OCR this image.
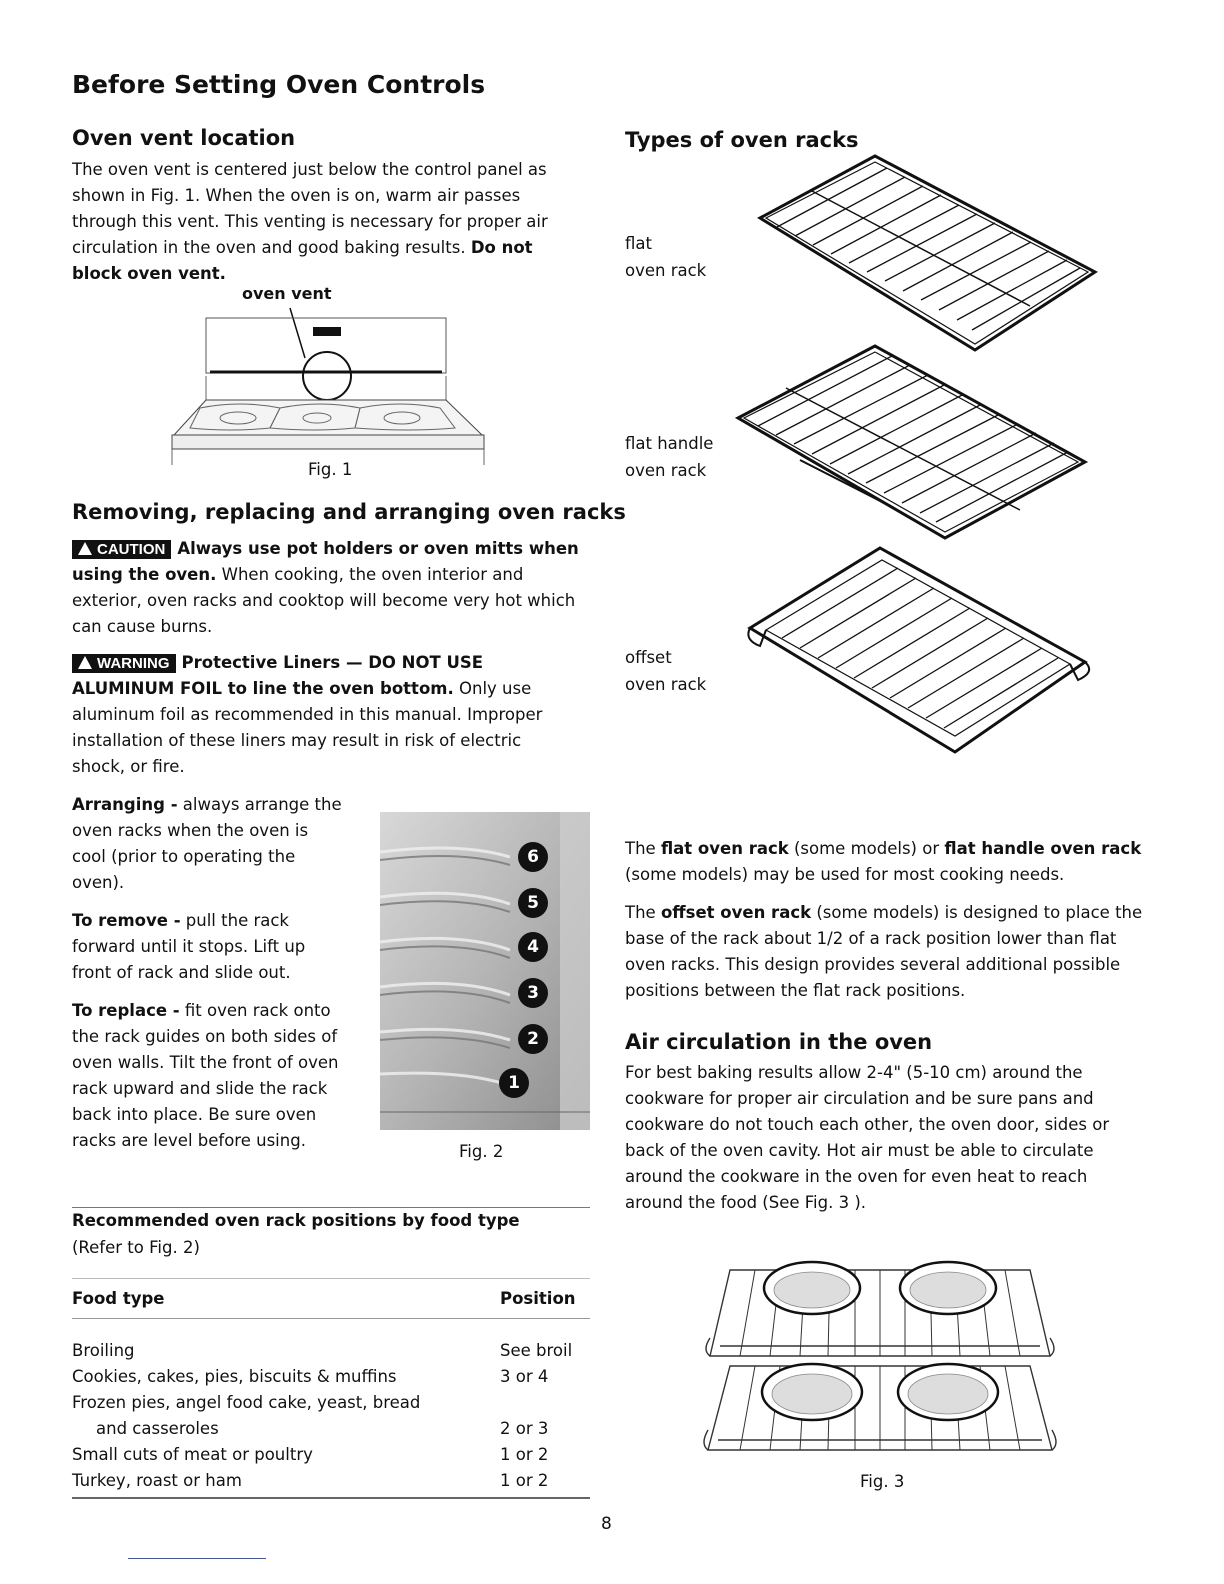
Before Setting Oven Controls
Oven vent location

The oven vent is centered just below the control panel as shown in Fig. 1. When the oven is on, warm air passes through this vent. This venting is necessary for proper air circulation in the oven and good baking results. Do not block oven vent.

oven vent
Fig. 1
Removing, replacing and arranging oven racks

CAUTION Always use pot holders or oven mitts when using the oven. When cooking, the oven interior and exterior, oven racks and cooktop will become very hot which can cause burns.

WARNING Protective Liners — DO NOT USE ALUMINUM FOIL to line the oven bottom. Only use aluminum foil as recommended in this manual. Improper installation of these liners may result in risk of electric shock, or fire.

Arranging - always arrange the oven racks when the oven is cool (prior to operating the oven).

To remove - pull the rack forward until it stops. Lift up front of rack and slide out.

To replace - fit oven rack onto the rack guides on both sides of oven walls. Tilt the front of oven rack upward and slide the rack back into place. Be sure oven racks are level before using.

6
5
4
3
2
1
Fig. 2
Recommended oven rack positions by food type
(Refer to Fig. 2)
Food type	Position
Broiling	See broil
Cookies, cakes, pies, biscuits & muffins	3 or 4
Frozen pies, angel food cake, yeast, bread
and casseroles	2 or 3
Small cuts of meat or poultry	1 or 2
Turkey, roast or ham	1 or 2
Types of oven racks
flat
oven rack
flat handle
oven rack
offset
oven rack

The flat oven rack (some models) or flat handle oven rack (some models) may be used for most cooking needs.

The offset oven rack (some models) is designed to place the base of the rack about 1/2 of a rack position lower than flat oven racks. This design provides several additional possible positions between the flat rack positions.

Air circulation in the oven

For best baking results allow 2-4" (5-10 cm) around the cookware for proper air circulation and be sure pans and cookware do not touch each other, the oven door, sides or back of the oven cavity. Hot air must be able to circulate around the cookware in the oven for even heat to reach around the food (See Fig. 3 ).

Fig. 3
8
